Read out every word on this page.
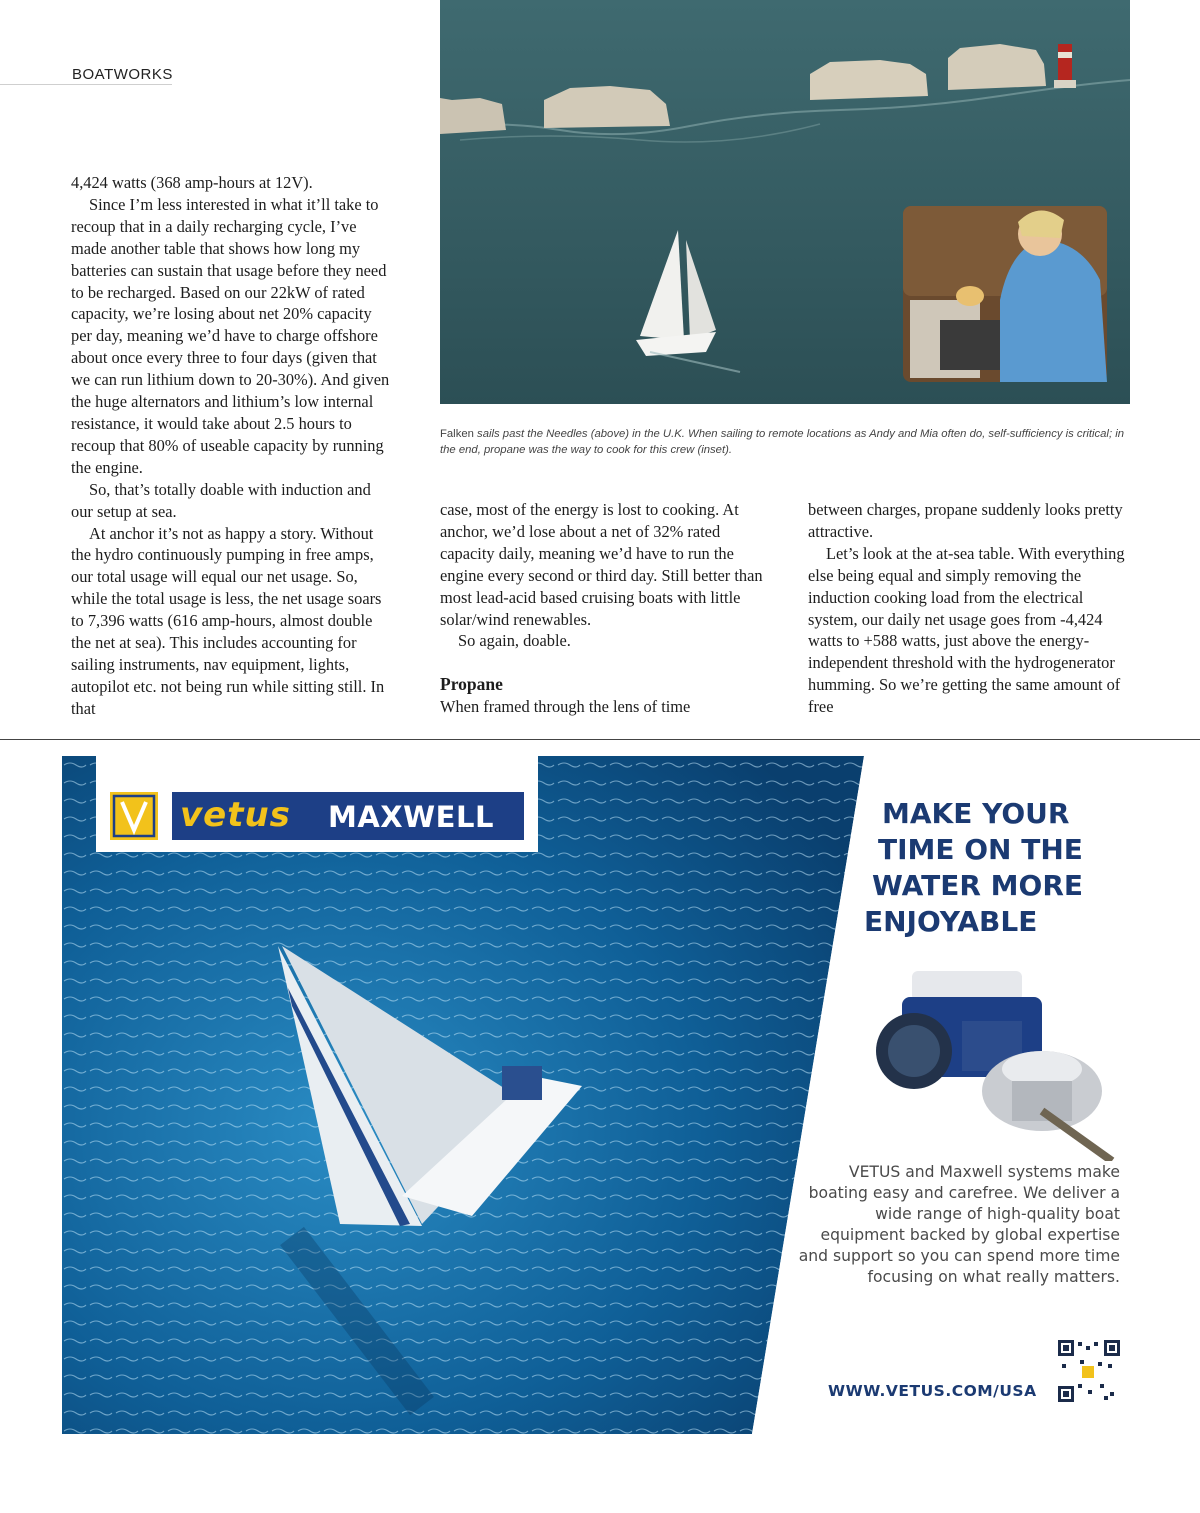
BOATWORKS

4,424 watts (368 amp-hours at 12V).

Since I’m less interested in what it’ll take to recoup that in a daily recharging cycle, I’ve made another table that shows how long my batteries can sustain that usage before they need to be recharged. Based on our 22kW of rated capacity, we’re losing about net 20% capacity per day, meaning we’d have to charge offshore about once every three to four days (given that we can run lithium down to 20-30%). And given the huge alternators and lithium’s low internal resistance, it would take about 2.5 hours to recoup that 80% of useable capacity by running the engine.

So, that’s totally doable with induction and our setup at sea.

At anchor it’s not as happy a story. Without the hydro continuously pumping in free amps, our total usage will equal our net usage. So, while the total usage is less, the net usage soars to 7,396 watts (616 amp-hours, almost double the net at sea). This includes accounting for sailing instruments, nav equipment, lights, autopilot etc. not being run while sitting still. In that

case, most of the energy is lost to cooking. At anchor, we’d lose about a net of 32% rated capacity daily, meaning we’d have to run the engine every second or third day. Still better than most lead-acid based cruising boats with little solar/wind renewables.

So again, doable.

Propane

When framed through the lens of time

between charges, propane suddenly looks pretty attractive.

Let’s look at the at-sea table. With everything else being equal and simply removing the induction cooking load from the electrical system, our daily net usage goes from -4,424 watts to +588 watts, just above the energy-independent threshold with the hydrogenerator humming. So we’re getting the same amount of free

Falken sails past the Needles (above) in the U.K. When sailing to remote locations as Andy and Mia often do, self-sufficiency is critical; in the end, propane was the way to cook for this crew (inset).
vetus MAXWELL	MAKE YOUR
TIME ON THE
WATER MORE
ENJOYABLE

VETUS and Maxwell systems make boating easy and carefree. We deliver a wide range of high-quality boat equipment backed by global expertise and support so you can spend more time focusing on what really matters.

WWW.VETUS.COM/USA
